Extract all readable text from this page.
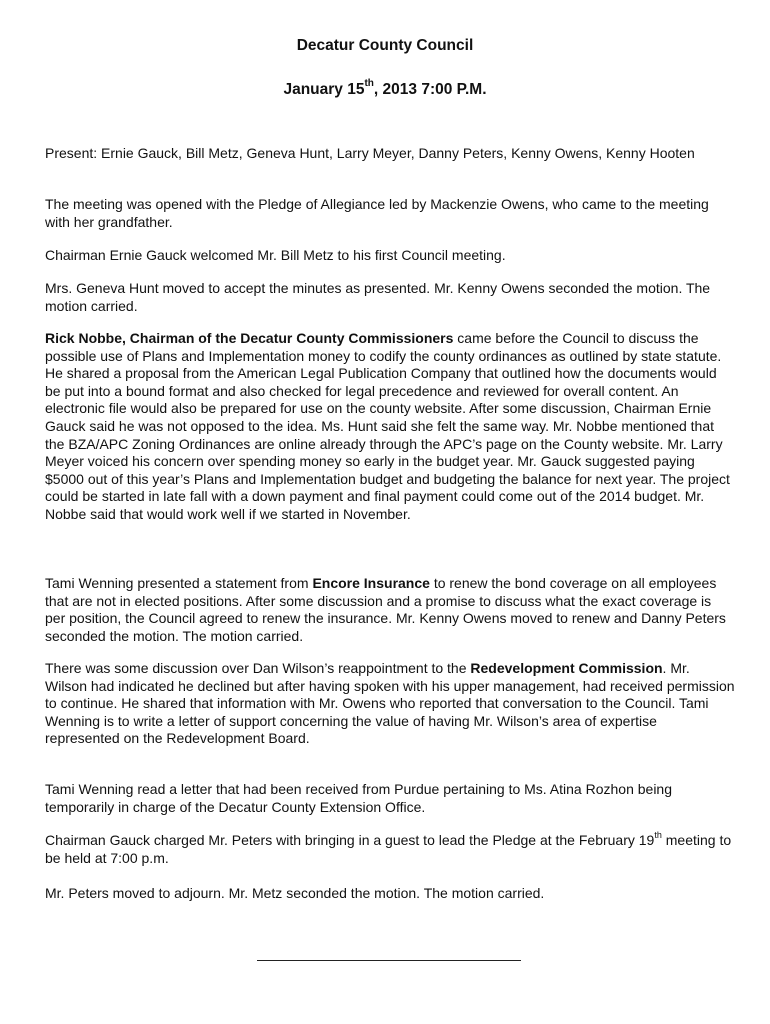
Decatur County Council
January 15th, 2013 7:00 P.M.

Present: Ernie Gauck, Bill Metz, Geneva Hunt, Larry Meyer, Danny Peters, Kenny Owens, Kenny Hooten

The meeting was opened with the Pledge of Allegiance led by Mackenzie Owens, who came to the meeting with her grandfather.

Chairman Ernie Gauck welcomed Mr. Bill Metz to his first Council meeting.

Mrs. Geneva Hunt moved to accept the minutes as presented. Mr. Kenny Owens seconded the motion. The motion carried.

Rick Nobbe, Chairman of the Decatur County Commissioners came before the Council to discuss the possible use of Plans and Implementation money to codify the county ordinances as outlined by state statute. He shared a proposal from the American Legal Publication Company that outlined how the documents would be put into a bound format and also checked for legal precedence and reviewed for overall content. An electronic file would also be prepared for use on the county website. After some discussion, Chairman Ernie Gauck said he was not opposed to the idea. Ms. Hunt said she felt the same way. Mr. Nobbe mentioned that the BZA/APC Zoning Ordinances are online already through the APC’s page on the County website. Mr. Larry Meyer voiced his concern over spending money so early in the budget year. Mr. Gauck suggested paying $5000 out of this year’s Plans and Implementation budget and budgeting the balance for next year. The project could be started in late fall with a down payment and final payment could come out of the 2014 budget. Mr. Nobbe said that would work well if we started in November.

Tami Wenning presented a statement from Encore Insurance to renew the bond coverage on all employees that are not in elected positions. After some discussion and a promise to discuss what the exact coverage is per position, the Council agreed to renew the insurance. Mr. Kenny Owens moved to renew and Danny Peters seconded the motion. The motion carried.

There was some discussion over Dan Wilson’s reappointment to the Redevelopment Commission. Mr. Wilson had indicated he declined but after having spoken with his upper management, had received permission to continue. He shared that information with Mr. Owens who reported that conversation to the Council. Tami Wenning is to write a letter of support concerning the value of having Mr. Wilson’s area of expertise represented on the Redevelopment Board.

Tami Wenning read a letter that had been received from Purdue pertaining to Ms. Atina Rozhon being temporarily in charge of the Decatur County Extension Office.

Chairman Gauck charged Mr. Peters with bringing in a guest to lead the Pledge at the February 19th meeting to be held at 7:00 p.m.

Mr. Peters moved to adjourn. Mr. Metz seconded the motion. The motion carried.
